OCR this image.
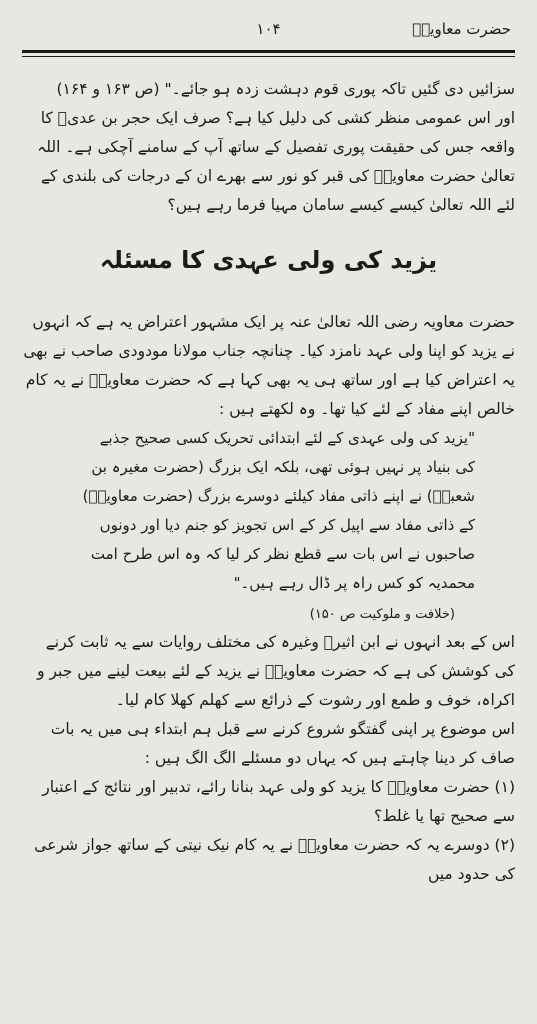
حضرت معاویہؓ
۱۰۴

سزائیں دی گئیں تاکہ پوری قوم دہشت زدہ ہو جائے۔" (ص ۱۶۳ و ۱۶۴)

اور اس عمومی منظر کشی کی دلیل کیا ہے؟ صرف ایک حجر بن عدیؓ کا واقعہ جس کی حقیقت پوری تفصیل کے ساتھ آپ کے سامنے آچکی ہے۔ اللہ تعالیٰ حضرت معاویہؓ کی قبر کو نور سے بھرے ان کے درجات کی بلندی کے لئے اللہ تعالیٰ کیسے کیسے سامان مہیا فرما رہے ہیں؟

یزید کی ولی عہدی کا مسئلہ

حضرت معاویہ رضی اللہ تعالیٰ عنہ پر ایک مشہور اعتراض یہ ہے کہ انہوں نے یزید کو اپنا ولی عہد نامزد کیا۔ چنانچہ جناب مولانا مودودی صاحب نے بھی یہ اعتراض کیا ہے اور ساتھ ہی یہ بھی کہا ہے کہ حضرت معاویہؓ نے یہ کام خالص اپنے مفاد کے لئے کیا تھا۔ وہ لکھتے ہیں :

"یزید کی ولی عہدی کے لئے ابتدائی تحریک کسی صحیح جذبے کی بنیاد پر نہیں ہوئی تھی، بلکہ ایک بزرگ (حضرت مغیرہ بن شعبہؓ) نے اپنے ذاتی مفاد کیلئے دوسرے بزرگ (حضرت معاویہؓ) کے ذاتی مفاد سے اپیل کر کے اس تجویز کو جنم دیا اور دونوں صاحبوں نے اس بات سے قطع نظر کر لیا کہ وہ اس طرح امت محمدیہ کو کس راہ پر ڈال رہے ہیں۔"

(خلافت و ملوکیت ص ۱۵۰)

اس کے بعد انہوں نے ابن اثیرؒ وغیرہ کی مختلف روایات سے یہ ثابت کرنے کی کوشش کی ہے کہ حضرت معاویہؓ نے یزید کے لئے بیعت لینے میں جبر و اکراہ، خوف و طمع اور رشوت کے ذرائع سے کھلم کھلا کام لیا۔

اس موضوع پر اپنی گفتگو شروع کرنے سے قبل ہم ابتداء ہی میں یہ بات صاف کر دینا چاہتے ہیں کہ یہاں دو مسئلے الگ الگ ہیں :

(۱) حضرت معاویہؓ کا یزید کو ولی عہد بنانا رائے، تدبیر اور نتائج کے اعتبار سے صحیح تھا یا غلط؟

(۲) دوسرے یہ کہ حضرت معاویہؓ نے یہ کام نیک نیتی کے ساتھ جواز شرعی کی حدود میں
